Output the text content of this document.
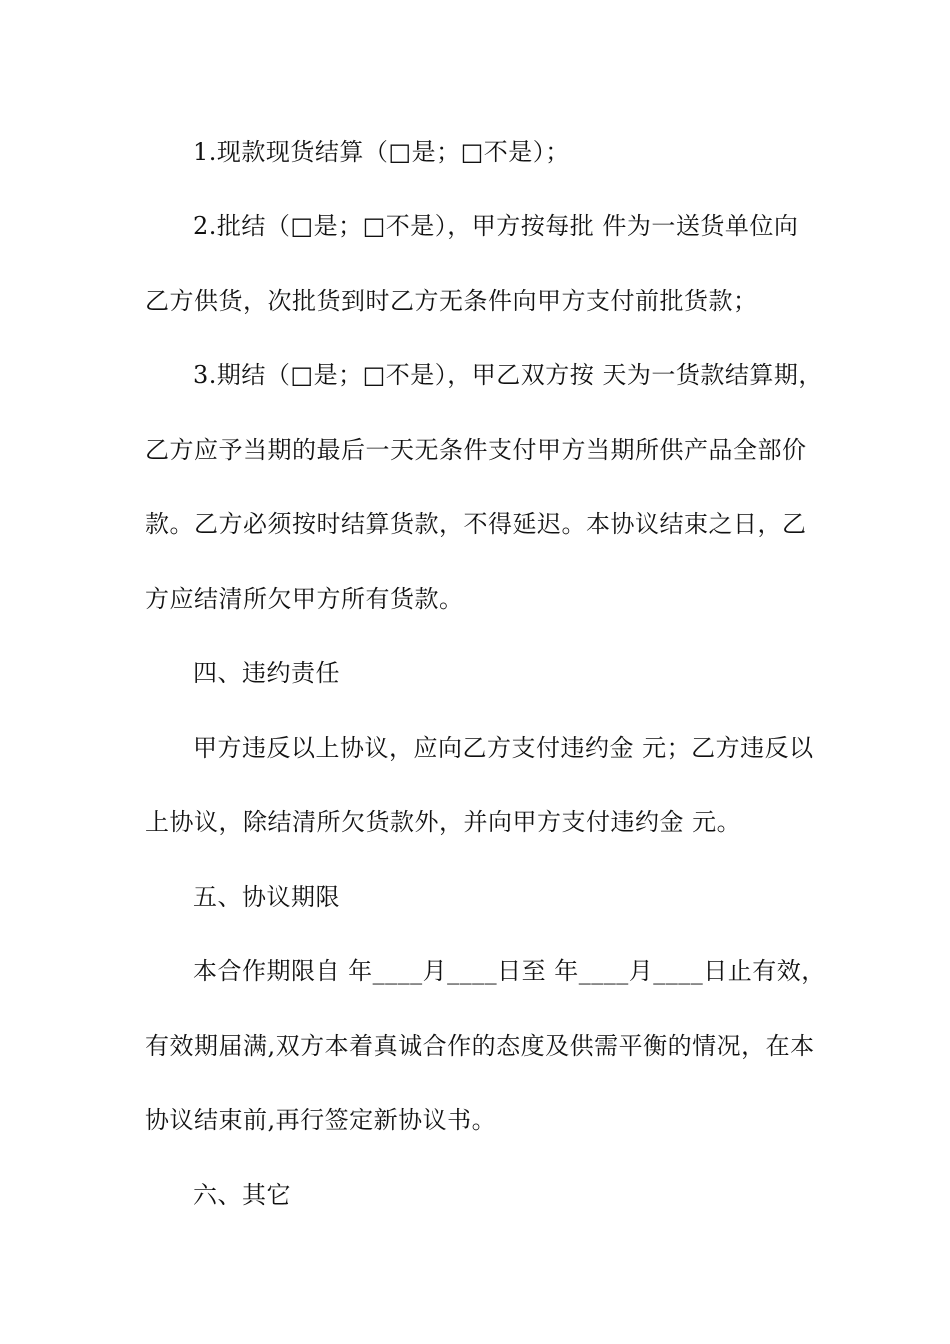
1.现款现货结算（□是；□不是）；
2.批结（□是；□不是），甲方按每批 件为一送货单位向
乙方供货，次批货到时乙方无条件向甲方支付前批货款；
3.期结（□是；□不是），甲乙双方按 天为一货款结算期，
乙方应予当期的最后一天无条件支付甲方当期所供产品全部价
款。乙方必须按时结算货款，不得延迟。本协议结束之日，乙
方应结清所欠甲方所有货款。
四、违约责任
甲方违反以上协议，应向乙方支付违约金 元；乙方违反以
上协议，除结清所欠货款外，并向甲方支付违约金 元。
五、协议期限
本合作期限自 年____月____日至 年____月____日止有效，
有效期届满,双方本着真诚合作的态度及供需平衡的情况，在本
协议结束前,再行签定新协议书。
六、其它
